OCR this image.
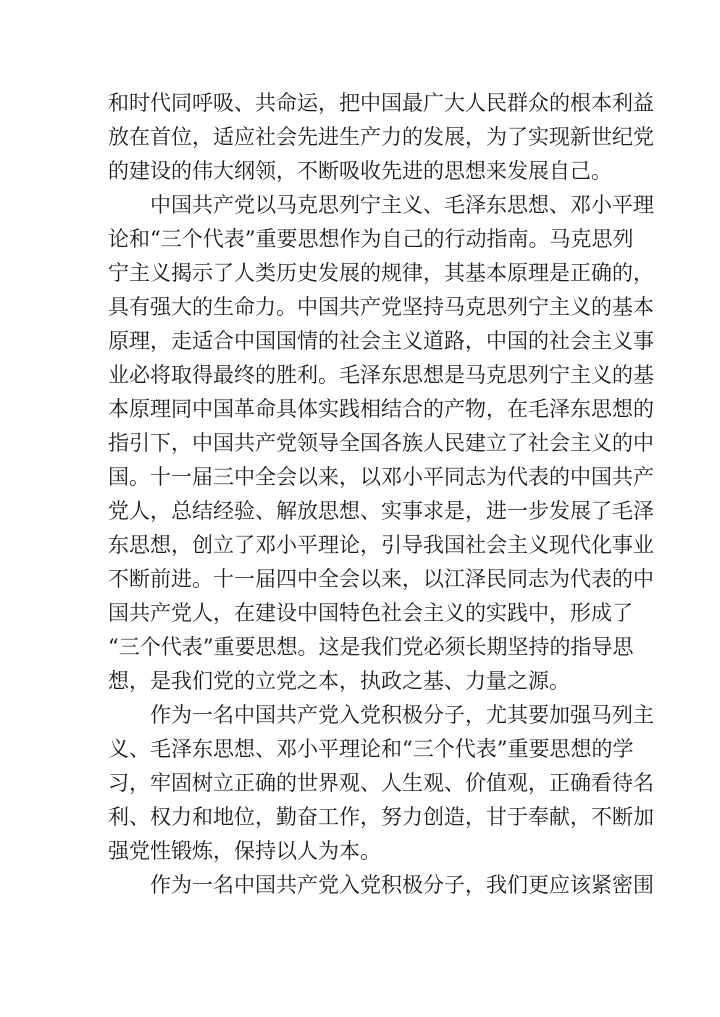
和时代同呼吸、共命运，把中国最广大人民群众的根本利益
放在首位，适应社会先进生产力的发展，为了实现新世纪党
的建设的伟大纲领，不断吸收先进的思想来发展自己。
中国共产党以马克思列宁主义、毛泽东思想、邓小平理
论和“三个代表”重要思想作为自己的行动指南。马克思列
宁主义揭示了人类历史发展的规律，其基本原理是正确的，
具有强大的生命力。中国共产党坚持马克思列宁主义的基本
原理，走适合中国国情的社会主义道路，中国的社会主义事
业必将取得最终的胜利。毛泽东思想是马克思列宁主义的基
本原理同中国革命具体实践相结合的产物，在毛泽东思想的
指引下，中国共产党领导全国各族人民建立了社会主义的中
国。十一届三中全会以来，以邓小平同志为代表的中国共产
党人，总结经验、解放思想、实事求是，进一步发展了毛泽
东思想，创立了邓小平理论，引导我国社会主义现代化事业
不断前进。十一届四中全会以来，以江泽民同志为代表的中
国共产党人，在建设中国特色社会主义的实践中，形成了
“三个代表”重要思想。这是我们党必须长期坚持的指导思
想，是我们党的立党之本，执政之基、力量之源。
作为一名中国共产党入党积极分子，尤其要加强马列主
义、毛泽东思想、邓小平理论和“三个代表”重要思想的学
习，牢固树立正确的世界观、人生观、价值观，正确看待名
利、权力和地位，勤奋工作，努力创造，甘于奉献，不断加
强党性锻炼，保持以人为本。
作为一名中国共产党入党积极分子，我们更应该紧密围
